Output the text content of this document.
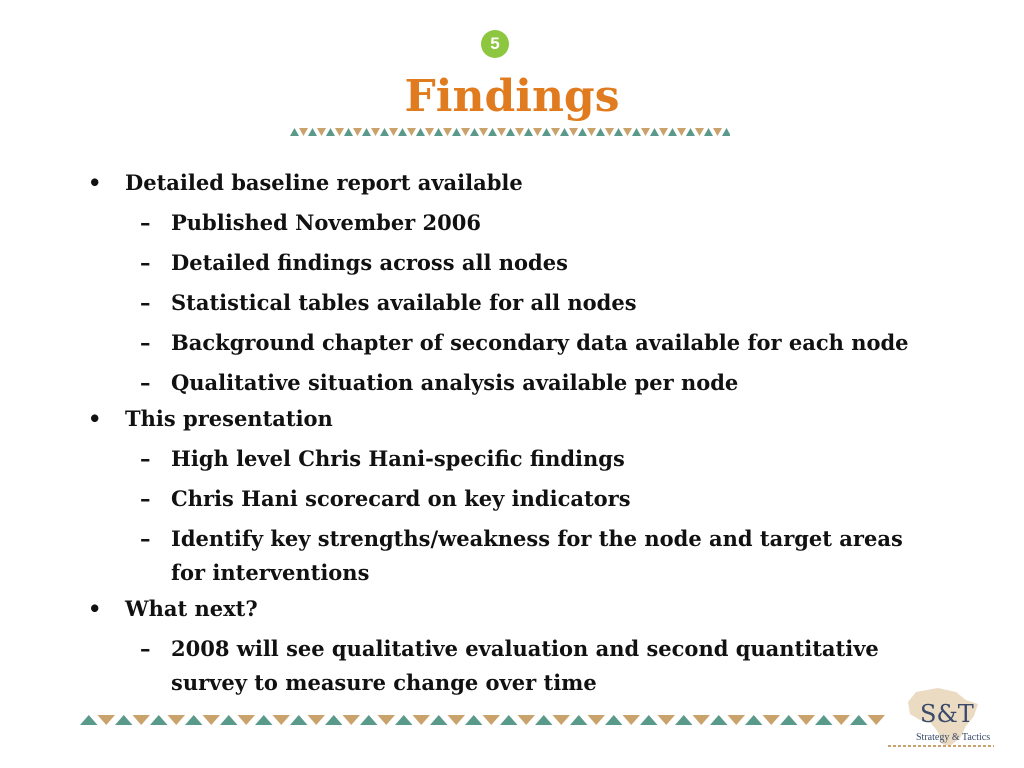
5
Findings
• Detailed baseline report available
– Published November 2006
– Detailed findings across all nodes
– Statistical tables available for all nodes
– Background chapter of secondary data available for each node
– Qualitative situation analysis available per node
• This presentation
– High level Chris Hani-specific findings
– Chris Hani scorecard on key indicators
– Identify key strengths/weakness for the node and target areas for interventions
• What next?
– 2008 will see qualitative evaluation and second quantitative survey to measure change over time
S&T
Strategy & Tactics
